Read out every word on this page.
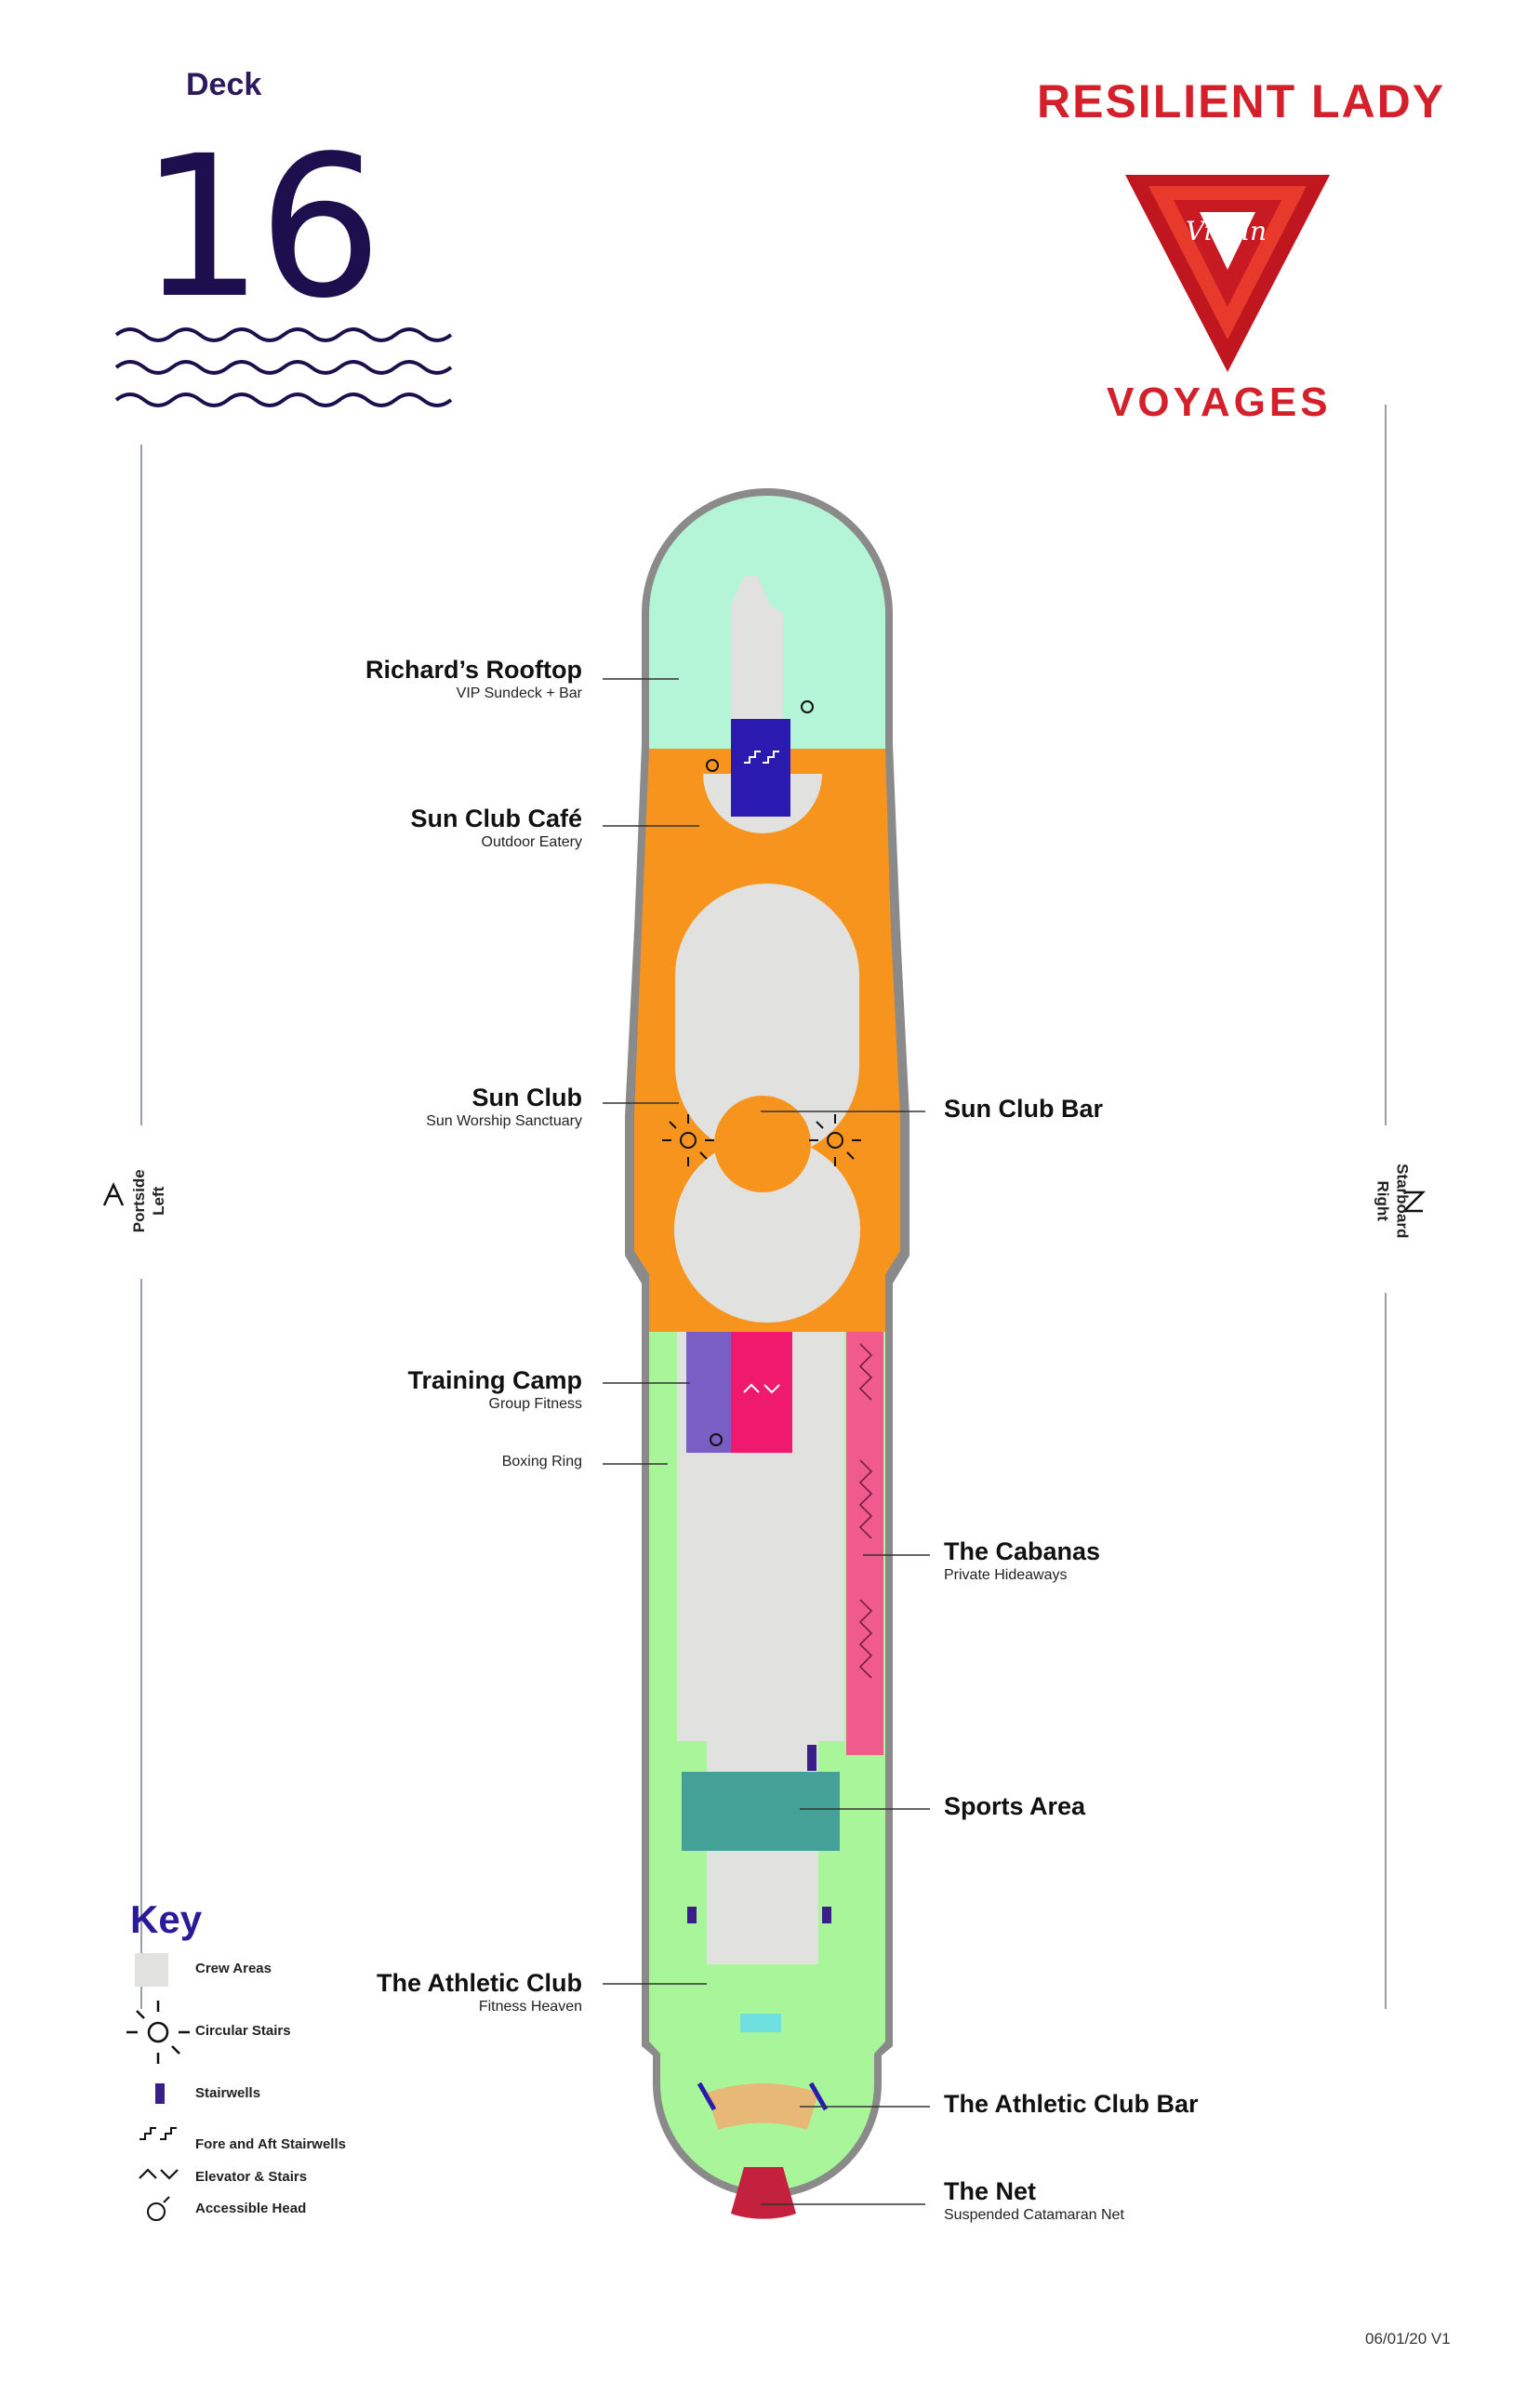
Deck
16
RESILIENT LADY
Virgin
VOYAGES
Richard’s Rooftop
VIP Sundeck + Bar
Sun Club Café
Outdoor Eatery
Sun Club
Sun Worship Sanctuary
Training Camp
Group Fitness
Boxing Ring
The Athletic Club
Fitness Heaven
Sun Club Bar
The Cabanas
Private Hideaways
Sports Area
The Athletic Club Bar
The Net
Suspended Catamaran Net
Portside Left	Starboard
Right
Key
Crew Areas
Circular Stairs
Stairwells
Fore and Aft Stairwells
Elevator & Stairs
Accessible Head
06/01/20 V1
